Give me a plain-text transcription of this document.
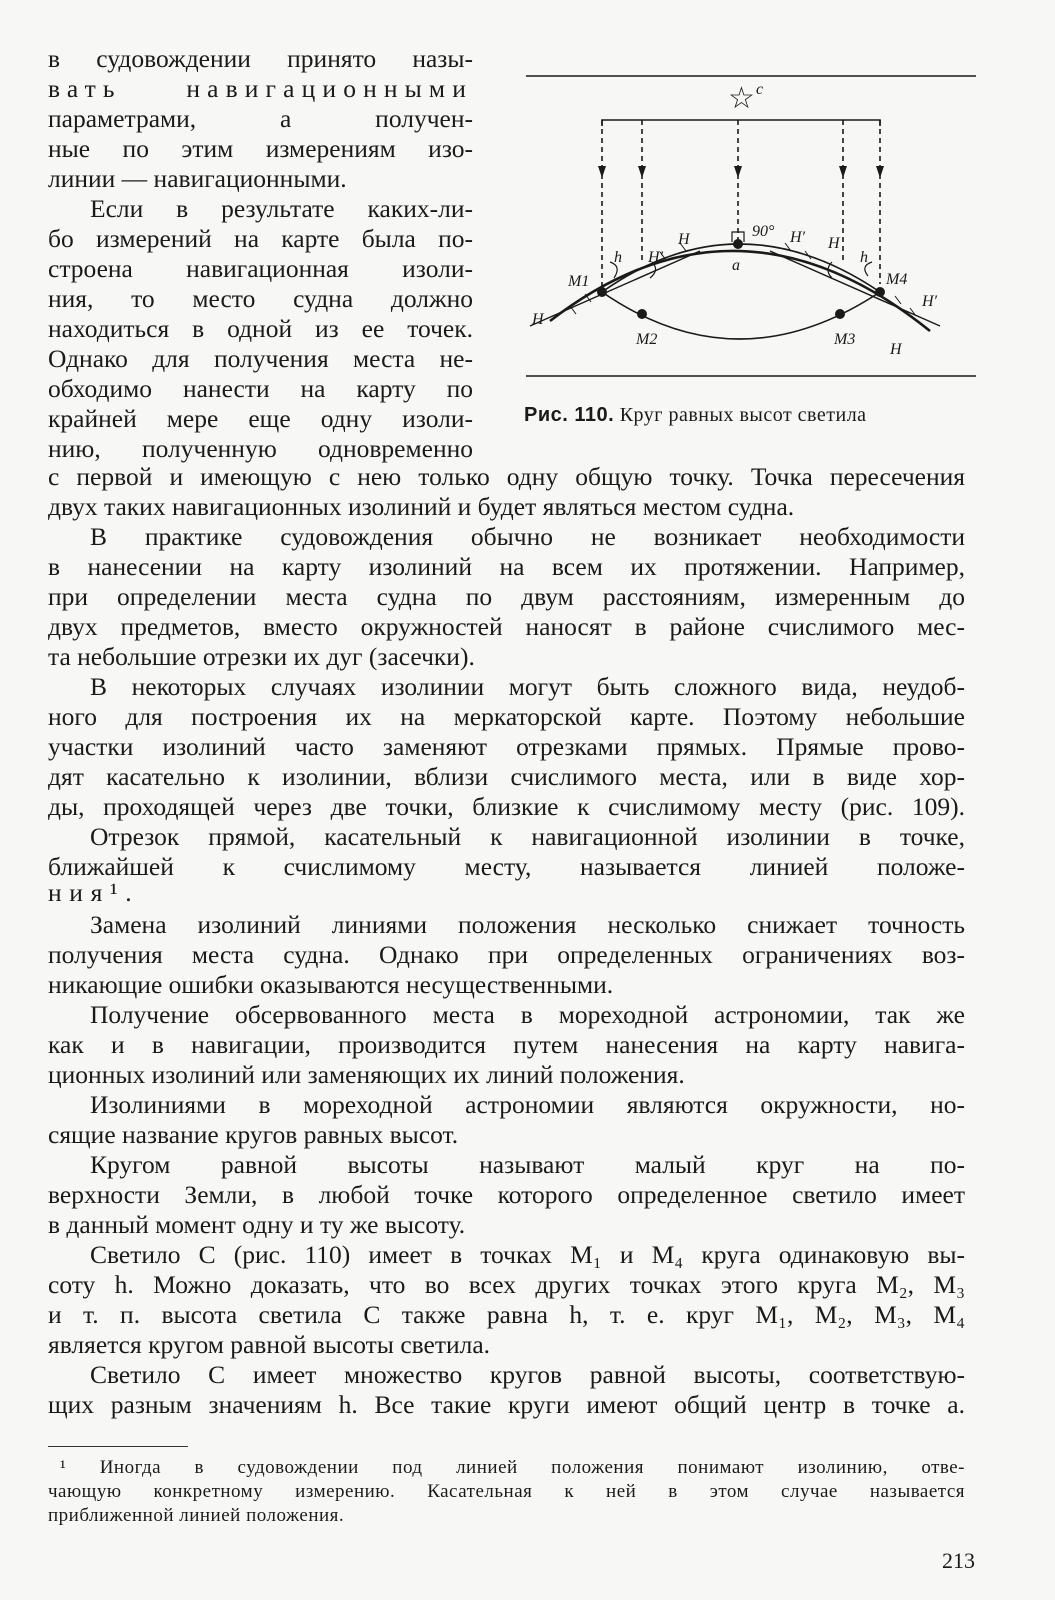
в судовождении принято назы-
вать навигационными
параметрами, а получен-
ные по этим измерениям изо-
линии — навигационными.
Если в результате каких-ли-
бо измерений на карте была по-
строена навигационная изоли-
ния, то место судна должно
находиться в одной из ее точек.
Однако для получения места не-
обходимо нанести на карту по
крайней мере еще одну изоли-
нию, полученную одновременно
☆ c
90°
a
M1
M2	M3
M4
h	h
H
H′
H′ H
H
H′
H
Рис. 110. Круг равных высот светила
с первой и имеющую с нею только одну общую точку. Точка пересечения
двух таких навигационных изолиний и будет являться местом судна.
В практике судовождения обычно не возникает необходимости
в нанесении на карту изолиний на всем их протяжении. Например,
при определении места судна по двум расстояниям, измеренным до
двух предметов, вместо окружностей наносят в районе счислимого мес-
та небольшие отрезки их дуг (засечки).
В некоторых случаях изолинии могут быть сложного вида, неудоб-
ного для построения их на меркаторской карте. Поэтому небольшие
участки изолиний часто заменяют отрезками прямых. Прямые прово-
дят касательно к изолинии, вблизи счислимого места, или в виде хор-
ды, проходящей через две точки, близкие к счислимому месту (рис. 109).
Отрезок прямой, касательный к навигационной изолинии в точке,
ближайшей к счислимому месту, называется линией положе-
ния¹.
Замена изолиний линиями положения несколько снижает точность
получения места судна. Однако при определенных ограничениях воз-
никающие ошибки оказываются несущественными.
Получение обсервованного места в мореходной астрономии, так же
как и в навигации, производится путем нанесения на карту навига-
ционных изолиний или заменяющих их линий положения.
Изолиниями в мореходной астрономии являются окружности, но-
сящие название кругов равных высот.
Кругом равной высоты называют малый круг на по-
верхности Земли, в любой точке которого определенное светило имеет
в данный момент одну и ту же высоту.
Светило C (рис. 110) имеет в точках M₁ и M₄ круга одинаковую вы-
соту h. Можно доказать, что во всех других точках этого круга M₂, M₃
и т. п. высота светила C также равна h, т. е. круг M₁, M₂, M₃, M₄
является кругом равной высоты светила.
Светило C имеет множество кругов равной высоты, соответствую-
щих разным значениям h. Все такие круги имеют общий центр в точке a.
¹ Иногда в судовождении под линией положения понимают изолинию, отве-
чающую конкретному измерению. Касательная к ней в этом случае называется
приближенной линией положения.
213
